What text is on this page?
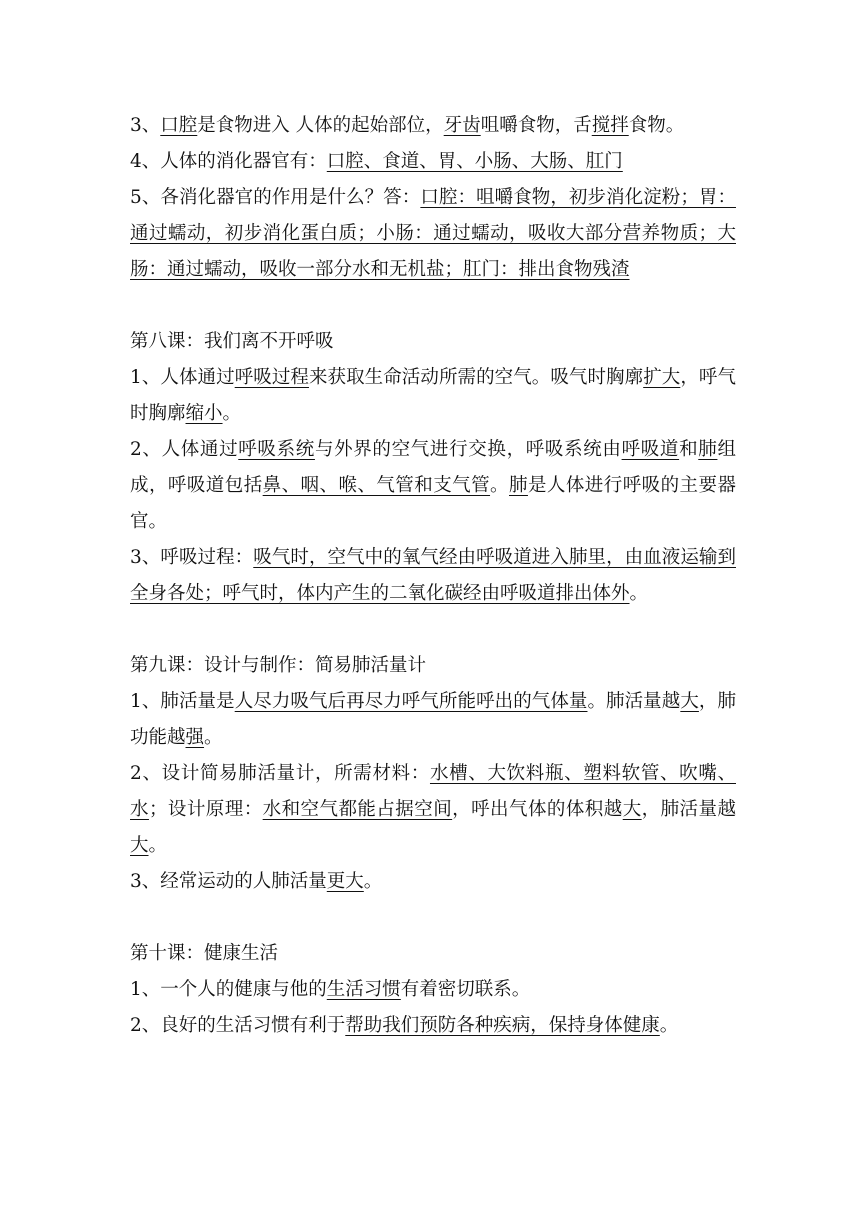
3、口腔是食物进入 人体的起始部位，牙齿咀嚼食物，舌搅拌食物。

4、人体的消化器官有：口腔、食道、胃、小肠、大肠、肛门

5、各消化器官的作用是什么？答：口腔：咀嚼食物，初步消化淀粉；胃：通过蠕动，初步消化蛋白质；小肠：通过蠕动，吸收大部分营养物质；大肠：通过蠕动，吸收一部分水和无机盐；肛门：排出食物残渣

第八课：我们离不开呼吸

1、人体通过呼吸过程来获取生命活动所需的空气。吸气时胸廓扩大，呼气时胸廓缩小。

2、人体通过呼吸系统与外界的空气进行交换，呼吸系统由呼吸道和肺组成，呼吸道包括鼻、咽、喉、气管和支气管。肺是人体进行呼吸的主要器官。

3、呼吸过程：吸气时，空气中的氧气经由呼吸道进入肺里，由血液运输到全身各处；呼气时，体内产生的二氧化碳经由呼吸道排出体外。

第九课：设计与制作：简易肺活量计

1、肺活量是人尽力吸气后再尽力呼气所能呼出的气体量。肺活量越大，肺功能越强。

2、设计简易肺活量计，所需材料：水槽、大饮料瓶、塑料软管、吹嘴、水；设计原理：水和空气都能占据空间，呼出气体的体积越大，肺活量越大。

3、经常运动的人肺活量更大。

第十课：健康生活

1、一个人的健康与他的生活习惯有着密切联系。

2、良好的生活习惯有利于帮助我们预防各种疾病，保持身体健康。
